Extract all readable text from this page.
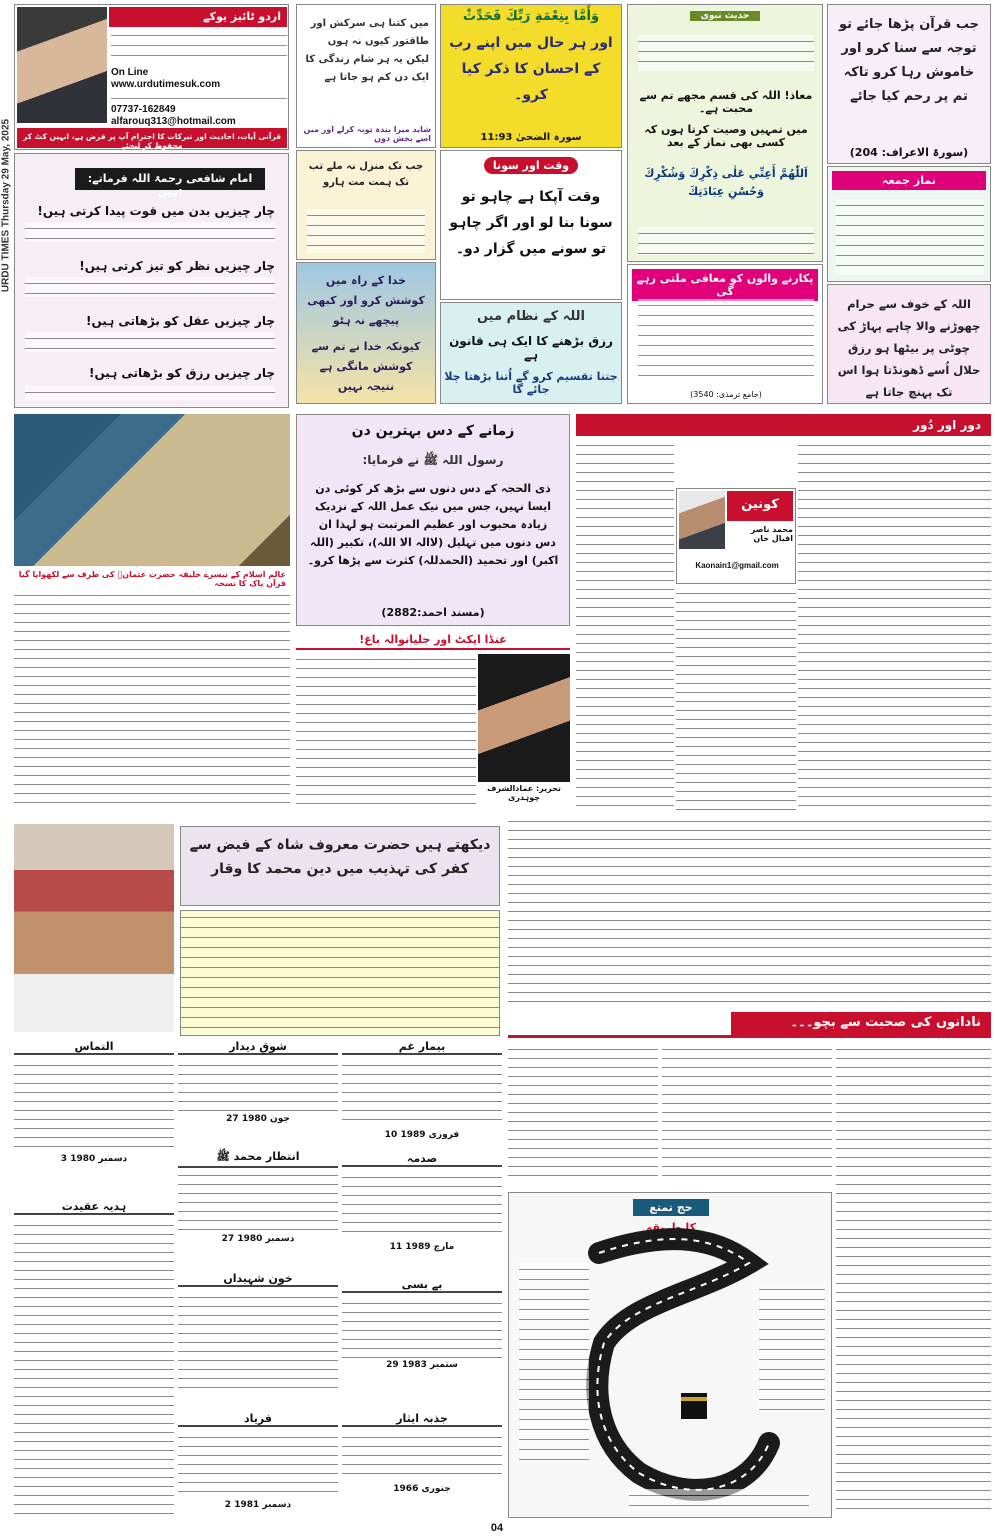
URDU TIMES Thursday 29 May, 2025
اردو ٹائیز یوکے
On Line
www.urdutimesuk.com
07737-162849
alfarouq313@hotmail.com
قرآنی آیات، احادیث اور تبرکات کا احترام آپ پر فرض ہے، انہیں کٹ کر محفوظ کر لیجئے
:امام شافعی رحمۃ اللہ فرماتے ہیں:
چار چیزیں بدن میں قوت پیدا کرتی ہیں!
چار چیزیں نظر کو تیز کرتی ہیں!
چار چیزیں عقل کو بڑھاتی ہیں!
چار چیزیں رزق کو بڑھاتی ہیں!
میں کتنا ہی سرکش اور طاقتور کیوں نہ ہوں لیکن یہ ہر شام زندگی کا ایک دن کم ہو جاتا ہے
شاید میرا بندہ توبہ کرلے اور میں اسے بخش دوں
جب تک منزل نہ ملے تب تک ہمت مت ہارو
خدا کے راہ میں کوشش کرو اور کبھی پیچھے نہ ہٹو
کیونکہ خدا نے تم سے کوشش مانگی ہے نتیجہ نہیں
وَأَمَّا بِنِعْمَةِ رَبِّكَ فَحَدِّثْ
اور ہر حال میں اپنے رب کے احسان کا ذکر کیا کرو۔
سورہ الضحیٰ 11:93
وقت اور سونا
وقت آپکا ہے چاہو تو سونا بنا لو اور اگر چاہو تو سونے میں گزار دو۔
اللہ کے نظام میں
رزق بڑھنے کا ایک ہی قانون ہے
جتنا تقسیم کرو گے اُتنا بڑھتا چلا جائے گا
حدیث نبوی
معاذ! اللہ کی قسم مجھے تم سے محبت ہے۔
میں تمہیں وصیت کرتا ہوں کہ کسی بھی نماز کے بعد
اَللّٰهُمَّ أَعِنِّي عَلٰى ذِكْرِكَ وَشُكْرِكَ وَحُسْنِ عِبَادَتِكَ
پکارنے والوں کو معافی ملتی رہے گی
(جامع ترمذی: 3540)
جب قرآن پڑھا جائے تو توجہ سے سنا کرو اور خاموش رہا کرو تاکہ تم پر رحم کیا جائے
(سورۃ الاعراف: 204)
نماز جمعہ
اللہ کے خوف سے حرام چھوڑنے والا چاہے پہاڑ کی چوٹی پر بیٹھا ہو رزق حلال اُسے ڈھونڈتا ہوا اس تک پہنچ جاتا ہے
عالم اسلام کے تیسرے خلیفہ حضرت عثمانؓ کی طرف سے لکھوایا گیا قرآن پاک کا نسخہ
زمانے کے دس بہترین دن
رسول اللہ ﷺ نے فرمایا:
ذی الحجہ کے دس دنوں سے بڑھ کر کوئی دن ایسا نہیں، جس میں نیک عمل اللہ کے نزدیک زیادہ محبوب اور عظیم المرتبت ہو لہذا ان دس دنوں میں تہلیل (لاالہ الا اللہ)، تکبیر (اللہ اکبر) اور تحمید (الحمدللہ) کثرت سے پڑھا کرو۔
(مسند احمد:2882)
غنڈا ایکٹ اور جلیانوالہ باغ!
تحریر: عمادالشرف چوہدری
دور اور دُور
کونین
محمد ناصر اقبال خان
Kaonain1@gmail.com
دیکھتے ہیں حضرت معروف شاہ کے فیض سے
کفر کی تہذیب میں دین محمد کا وقار
التماس
3 دسمبر 1980
ہدیہ عقیدت
شوقِ دیدار
27 جون 1980
انتظار محمد ﷺ
27 دسمبر 1980
خون شہیداں
فریاد
2 دسمبر 1981
بیمار غم
10 فروری 1989
صدمہ
11 مارچ 1989
بے بسی
29 ستمبر 1983
جذبہ ایثار
جنوری 1966
نادانوں کی صحبت سے بچو۔۔۔
حج تمتع
کا طریقہ
04
